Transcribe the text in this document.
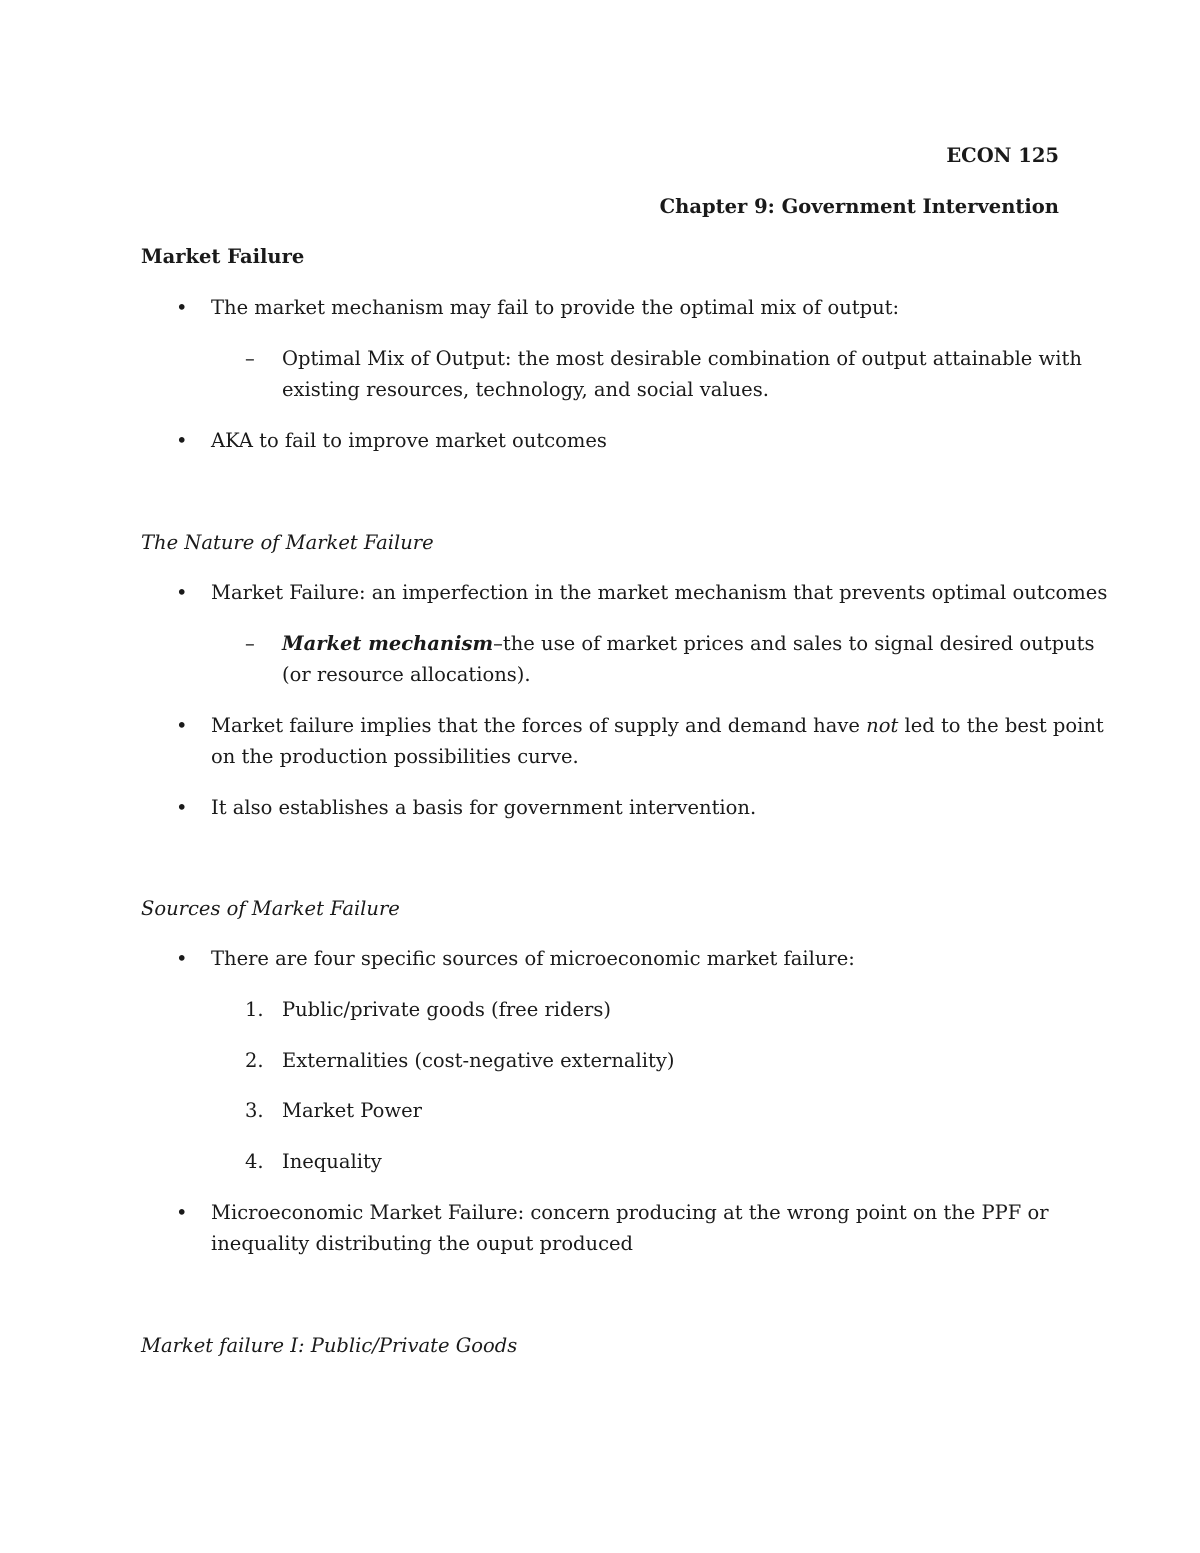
ECON 125
Chapter 9: Government Intervention
Market Failure
• The market mechanism may fail to provide the optimal mix of output:
– Optimal Mix of Output: the most desirable combination of output attainable with
existing resources, technology, and social values.
• AKA to fail to improve market outcomes
The Nature of Market Failure
• Market Failure: an imperfection in the market mechanism that prevents optimal outcomes
– Market mechanism–the use of market prices and sales to signal desired outputs
(or resource allocations).
• Market failure implies that the forces of supply and demand have not led to the best point
on the production possibilities curve.
• It also establishes a basis for government intervention.
Sources of Market Failure
• There are four specific sources of microeconomic market failure:
1. Public/private goods (free riders)
2. Externalities (cost-negative externality)
3. Market Power
4. Inequality
• Microeconomic Market Failure: concern producing at the wrong point on the PPF or
inequality distributing the ouput produced
Market failure I: Public/Private Goods
